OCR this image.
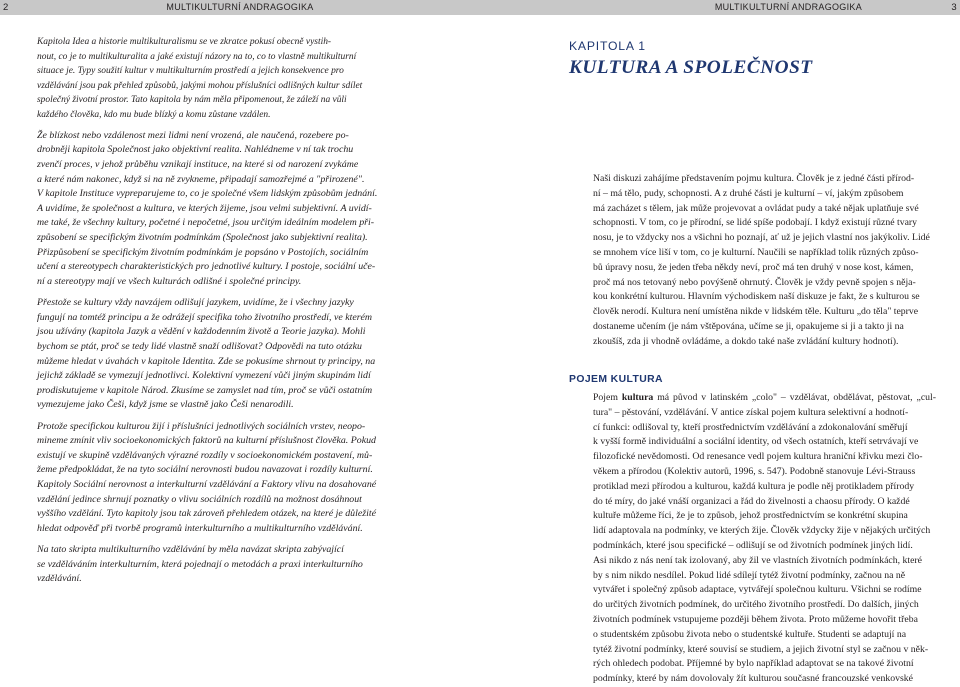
2	MULTIKULTURNÍ ANDRAGOGIKA

Kapitola Idea a historie multikulturalismu se ve zkratce pokusí obecně vystih-
nout, co je to multikulturalita a jaké existují názory na to, co to vlastně multikulturní
situace je. Typy soužití kultur v multikulturním prostředí a jejich konsekvence pro
vzdělávání jsou pak přehled způsobů, jakými mohou příslušníci odlišných kultur sdílet
společný životní prostor. Tato kapitola by nám měla připomenout, že záleží na vůli
každého člověka, kdo mu bude blízký a komu zůstane vzdálen.

Že blízkost nebo vzdálenost mezi lidmi není vrozená, ale naučená, rozebere po-
drobněji kapitola Společnost jako objektivní realita. Nahlédneme v ní tak trochu
zvenčí proces, v jehož průběhu vznikají instituce, na které si od narození zvykáme
a které nám nakonec, když si na ně zvykneme, připadají samozřejmé a "přirozené".
V kapitole Instituce vypreparujeme to, co je společné všem lidským způsobům jednání.
A uvidíme, že společnost a kultura, ve kterých žijeme, jsou velmi subjektivní. A uvidí-
me také, že všechny kultury, početné i nepočetné, jsou určitým ideálním modelem při-
způsobení se specifickým životním podmínkám (Společnost jako subjektivní realita).
Přizpůsobení se specifickým životním podmínkám je popsáno v Postojích, sociálním
učení a stereotypech charakteristických pro jednotlivé kultury. I postoje, sociální uče-
ní a stereotypy mají ve všech kulturách odlišné i společné principy.

Přestože se kultury vždy navzájem odlišují jazykem, uvidíme, že i všechny jazyky
fungují na tomtéž principu a že odrážejí specifika toho životního prostředí, ve kterém
jsou užívány (kapitola Jazyk a vědění v každodenním životě a Teorie jazyka). Mohli
bychom se ptát, proč se tedy lidé vlastně snaží odlišovat? Odpovědi na tuto otázku
můžeme hledat v úvahách v kapitole Identita. Zde se pokusíme shrnout ty principy, na
jejichž základě se vymezují jednotlivci. Kolektivní vymezení vůči jiným skupinám lidí
prodiskutujeme v kapitole Národ. Zkusíme se zamyslet nad tím, proč se vůči ostatním
vymezujeme jako Češi, když jsme se vlastně jako Češi nenarodili.

Protože specifickou kulturou žijí i příslušníci jednotlivých sociálních vrstev, neopo-
mineme zmínit vliv socioekonomických faktorů na kulturní příslušnost člověka. Pokud
existují ve skupině vzdělávaných výrazné rozdíly v socioekonomickém postavení, mů-
žeme předpokládat, že na tyto sociální nerovnosti budou navazovat i rozdíly kulturní.
Kapitoly Sociální nerovnost a interkulturní vzdělávání a Faktory vlivu na dosahované
vzdělání jedince shrnují poznatky o vlivu sociálních rozdílů na možnost dosáhnout
vyššího vzdělání. Tyto kapitoly jsou tak zároveň přehledem otázek, na které je důležité
hledat odpověď při tvorbě programů interkulturního a multikulturního vzdělávání.

Na tato skripta multikulturního vzdělávání by měla navázat skripta zabývající
se vzděláváním interkulturním, která pojednají o metodách a praxi interkulturního
vzdělávání.

MULTIKULTURNÍ ANDRAGOGIKA	3
KAPITOLA 1
KULTURA A SPOLEČNOST
Naši diskuzi zahájíme představením pojmu kultura. Člověk je z jedné části přírod-
ní – má tělo, pudy, schopnosti. A z druhé části je kulturní – ví, jakým způsobem
má zacházet s tělem, jak může projevovat a ovládat pudy a také nějak uplatňuje své
schopnosti. V tom, co je přírodní, se lidé spíše podobají. I když existují různé tvary
nosu, je to vždycky nos a všichni ho poznají, ať už je jejich vlastní nos jakýkoliv. Lidé
se mnohem více liší v tom, co je kulturní. Naučili se například tolik různých způso-
bů úpravy nosu, že jeden třeba někdy neví, proč má ten druhý v nose kost, kámen,
proč má nos tetovaný nebo povýšeně ohrnutý. Člověk je vždy pevně spojen s něja-
kou konkrétní kulturou. Hlavním východiskem naší diskuze je fakt, že s kulturou se
člověk nerodí. Kultura není umístěna nikde v lidském těle. Kulturu „do těla" teprve
dostaneme učením (je nám vštěpována, učíme se ji, opakujeme si ji a takto ji na
zkoušíš, zda ji vhodně ovládáme, a dokdo také naše zvládání kultury hodnotí).
POJEM KULTURA

Pojem kultura má původ v latinském „colo" – vzdělávat, obdělávat, pěstovat, „cul-

tura" – pěstování, vzdělávání. V antice získal pojem kultura selektivní a hodnotí-
cí funkci: odlišoval ty, kteří prostřednictvím vzdělávání a zdokonalování směřují
k vyšší formě individuální a sociální identity, od všech ostatních, kteří setrvávají ve
filozofické nevědomosti. Od renesance vedl pojem kultura hraniční křivku mezi člo-
věkem a přírodou (Kolektiv autorů, 1996, s. 547). Podobně stanovuje Lévi-Strauss
protiklad mezi přírodou a kulturou, každá kultura je podle něj protikladem přírody
do té míry, do jaké vnáší organizaci a řád do živelnosti a chaosu přírody. O každé
kultuře můžeme říci, že je to způsob, jehož prostřednictvím se konkrétní skupina
lidí adaptovala na podmínky, ve kterých žije. Člověk vždycky žije v nějakých určitých
podmínkách, které jsou specifické – odlišují se od životních podmínek jiných lidí.
Asi nikdo z nás není tak izolovaný, aby žil ve vlastních životních podmínkách, které
by s nim nikdo nesdílel. Pokud lidé sdílejí tytéž životní podmínky, začnou na ně
vytvářet i společný způsob adaptace, vytvářejí společnou kulturu. Všichni se rodíme
do určitých životních podmínek, do určitého životního prostředí. Do dalších, jiných
životních podmínek vstupujeme později během života. Proto můžeme hovořit třeba
o studentském způsobu života nebo o studentské kultuře. Studenti se adaptují na
tytéž životní podmínky, které souvisí se studiem, a jejich životní styl se začnou v něk-
rých ohledech podobat. Příjemné by bylo například adaptovat se na takové životní
podmínky, které by nám dovolovaly žít kulturou současné francouzské venkovské
